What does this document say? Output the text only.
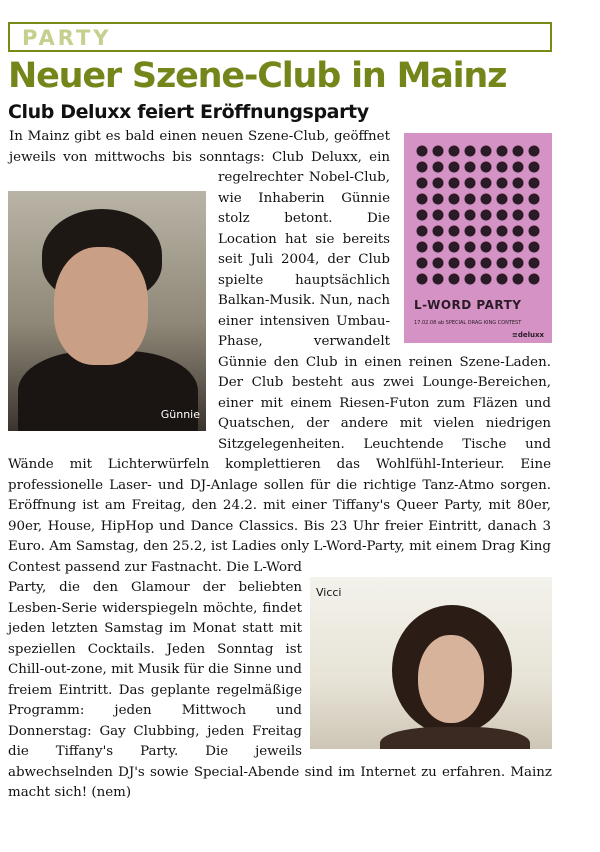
PARTY
Neuer Szene-Club in Mainz
Club Deluxx feiert Eröffnungsparty
L-WORD PARTY
17.02.08 ab SPECIAL DRAG KING CONTEST
≡deluxx
Günnie
Vicci

In Mainz gibt es bald einen neuen Szene-Club, geöffnet jeweils von mittwochs bis sonntags: Club Deluxx, ein regelrechter Nobel-Club, wie Inhaberin Günnie stolz betont. Die Location hat sie bereits seit Juli 2004, der Club spielte hauptsächlich Balkan-Musik. Nun, nach einer intensiven Umbau-Phase, verwandelt Günnie den Club in einen reinen Szene-Laden. Der Club besteht aus zwei Lounge-Bereichen, einer mit einem Riesen-Futon zum Fläzen und Quatschen, der andere mit vielen niedrigen Sitzgelegenheiten. Leuchtende Tische und Wände mit Lichterwürfeln komplettieren das Wohlfühl-Interieur. Eine professionelle Laser- und DJ-Anlage sollen für die richtige Tanz-Atmo sorgen. Eröffnung ist am Freitag, den 24.2. mit einer Tiffany's Queer Party, mit 80er, 90er, House, HipHop und Dance Classics. Bis 23 Uhr freier Eintritt, danach 3 Euro. Am Samstag, den 25.2, ist Ladies only L-Word-Party, mit einem Drag King Contest passend zur Fastnacht. Die L-Word Party, die den Glamour der beliebten Lesben-Serie widerspiegeln möchte, findet jeden letzten Samstag im Monat statt mit speziellen Cocktails. Jeden Sonntag ist Chill-out-zone, mit Musik für die Sinne und freiem Eintritt. Das geplante regelmäßige Programm: jeden Mittwoch und Donnerstag: Gay Clubbing, jeden Freitag die Tiffany's Party. Die jeweils abwechselnden DJ's sowie Special-Abende sind im Internet zu erfahren. Mainz macht sich! (nem)
